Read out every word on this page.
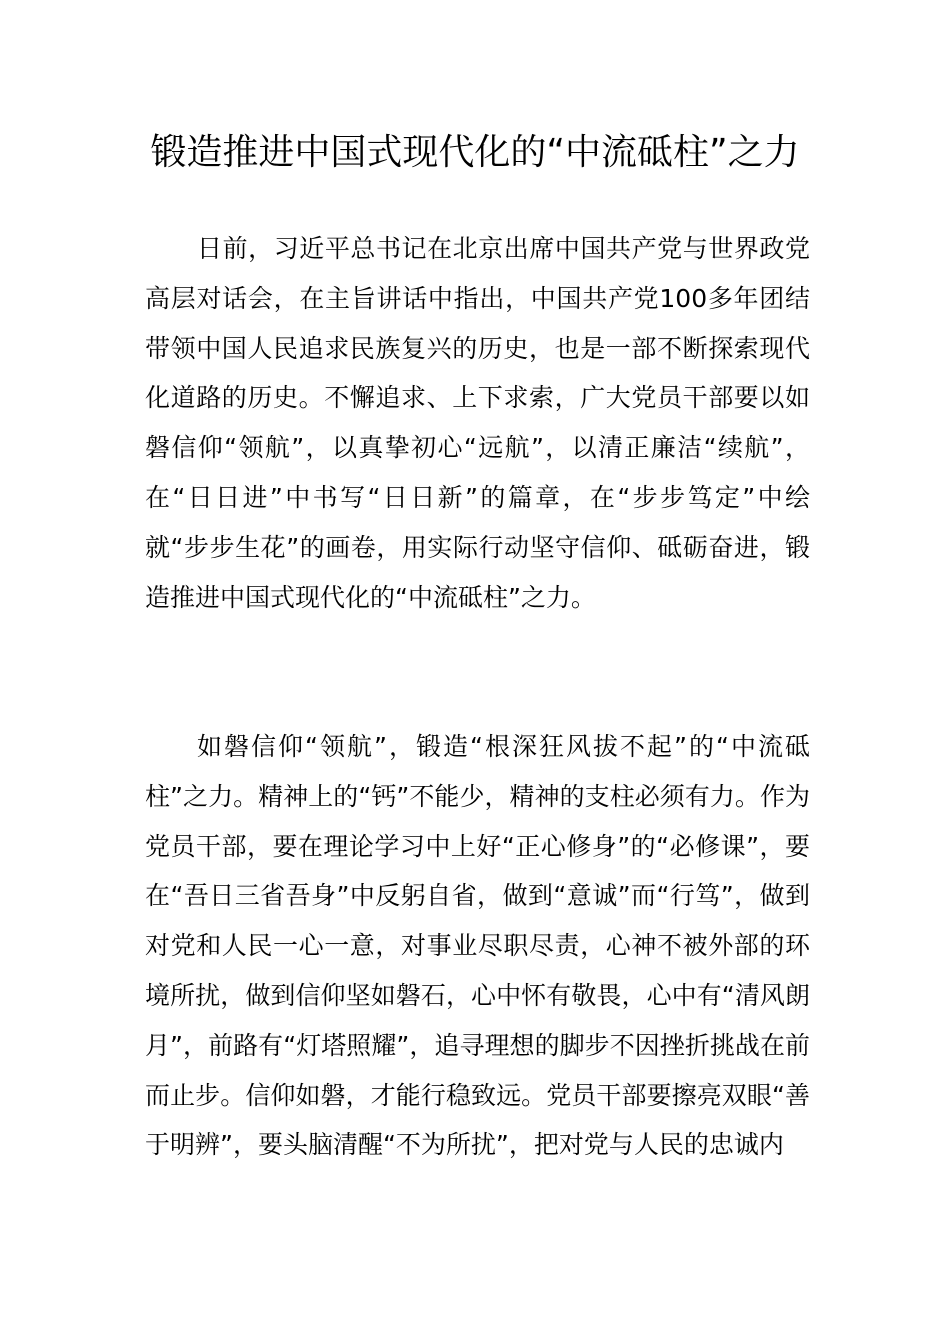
锻造推进中国式现代化的“中流砥柱”之力

日前，习近平总书记在北京出席中国共产党与世界政党高层对话会，在主旨讲话中指出，中国共产党100多年团结带领中国人民追求民族复兴的历史，也是一部不断探索现代化道路的历史。不懈追求、上下求索，广大党员干部要以如磐信仰“领航”，以真挚初心“远航”，以清正廉洁“续航”，在“日日进”中书写“日日新”的篇章，在“步步笃定”中绘就“步步生花”的画卷，用实际行动坚守信仰、砥砺奋进，锻造推进中国式现代化的“中流砥柱”之力。

如磐信仰“领航”，锻造“根深狂风拔不起”的“中流砥柱”之力。精神上的“钙”不能少，精神的支柱必须有力。作为党员干部，要在理论学习中上好“正心修身”的“必修课”，要在“吾日三省吾身”中反躬自省，做到“意诚”而“行笃”，做到对党和人民一心一意，对事业尽职尽责，心神不被外部的环境所扰，做到信仰坚如磐石，心中怀有敬畏，心中有“清风朗月”，前路有“灯塔照耀”，追寻理想的脚步不因挫折挑战在前而止步。信仰如磐，才能行稳致远。党员干部要擦亮双眼“善于明辨”，要头脑清醒“不为所扰”，把对党与人民的忠诚内
